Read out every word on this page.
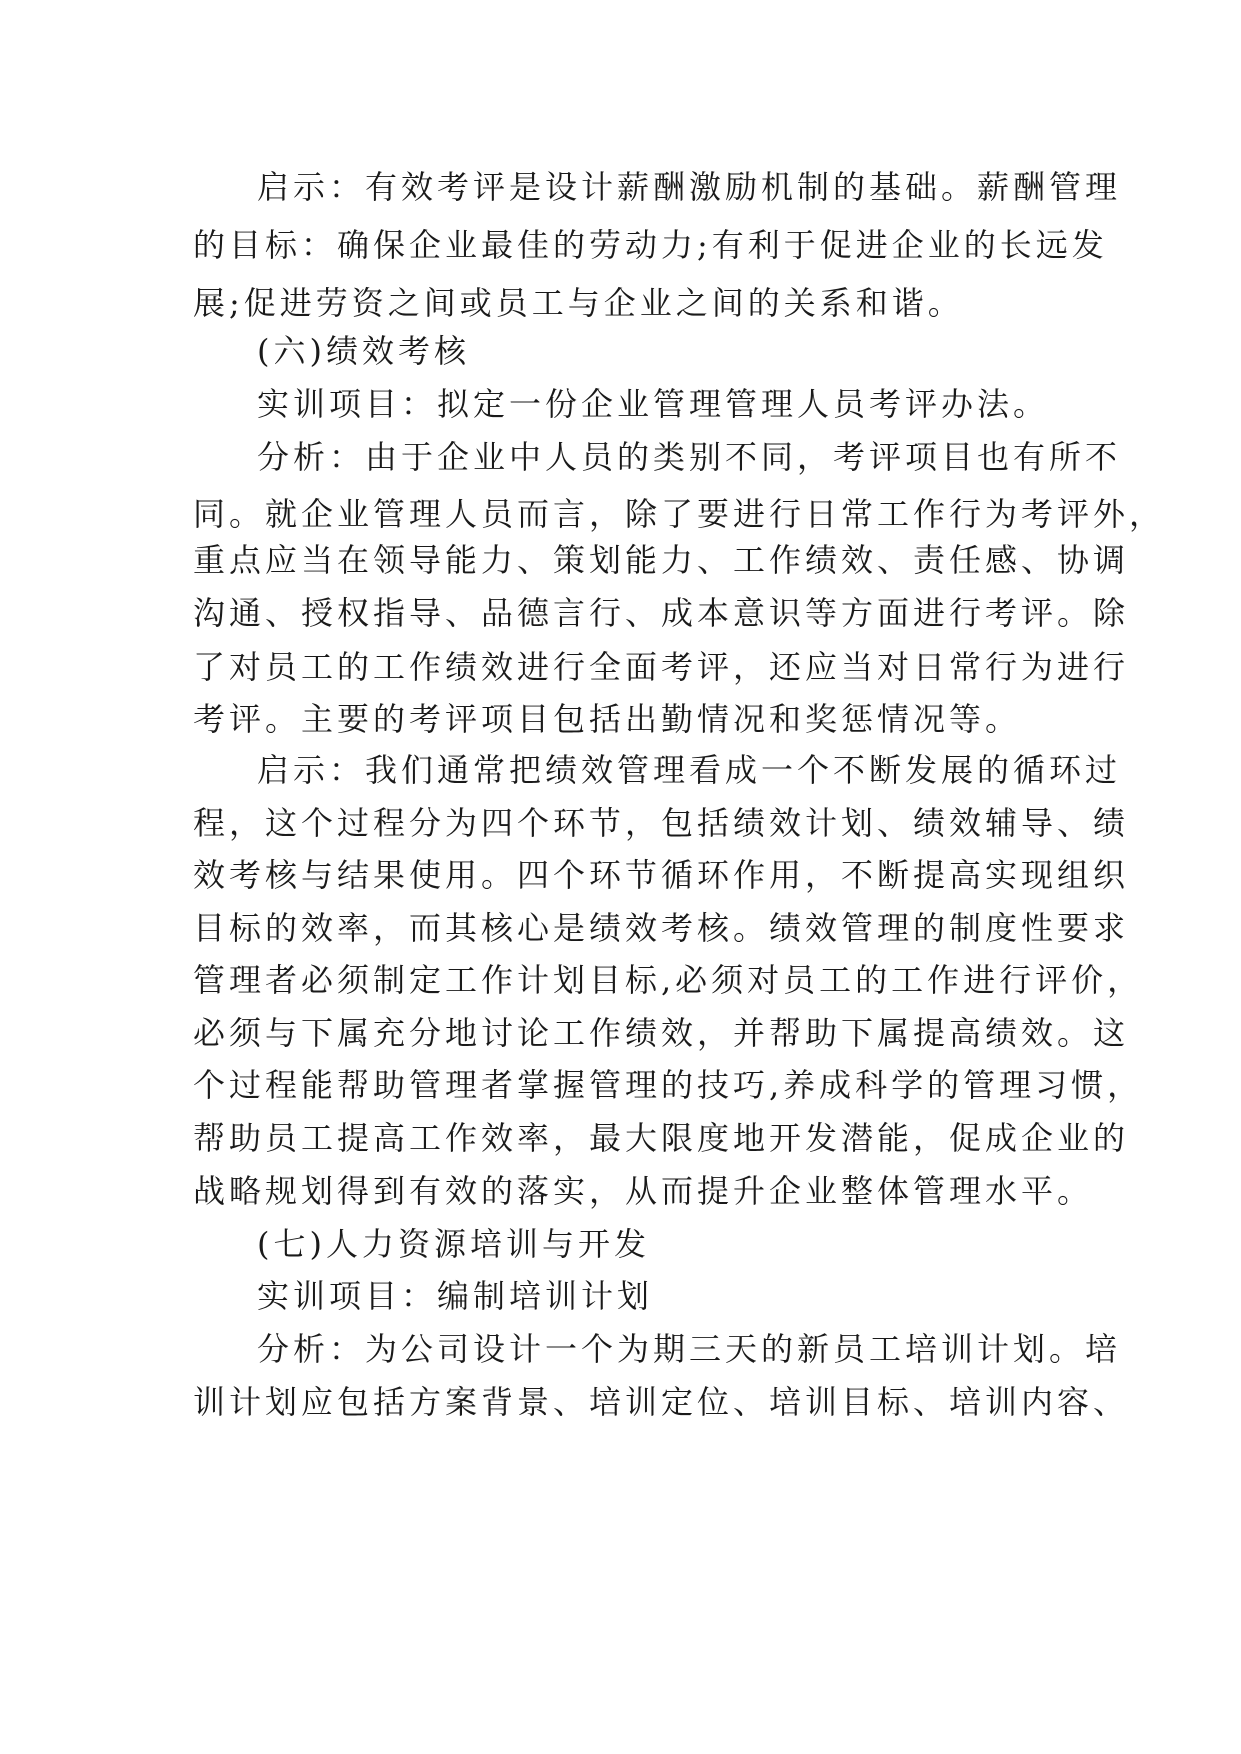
启示：有效考评是设计薪酬激励机制的基础。薪酬管理
的目标：确保企业最佳的劳动力;有利于促进企业的长远发
展;促进劳资之间或员工与企业之间的关系和谐。
(六)绩效考核
实训项目：拟定一份企业管理管理人员考评办法。
分析：由于企业中人员的类别不同，考评项目也有所不
同。就企业管理人员而言，除了要进行日常工作行为考评外，
重点应当在领导能力、策划能力、工作绩效、责任感、协调
沟通、授权指导、品德言行、成本意识等方面进行考评。除
了对员工的工作绩效进行全面考评，还应当对日常行为进行
考评。主要的考评项目包括出勤情况和奖惩情况等。
启示：我们通常把绩效管理看成一个不断发展的循环过
程，这个过程分为四个环节，包括绩效计划、绩效辅导、绩
效考核与结果使用。四个环节循环作用，不断提高实现组织
目标的效率，而其核心是绩效考核。绩效管理的制度性要求
管理者必须制定工作计划目标,必须对员工的工作进行评价，
必须与下属充分地讨论工作绩效，并帮助下属提高绩效。这
个过程能帮助管理者掌握管理的技巧,养成科学的管理习惯，
帮助员工提高工作效率，最大限度地开发潜能，促成企业的
战略规划得到有效的落实，从而提升企业整体管理水平。
(七)人力资源培训与开发
实训项目：编制培训计划
分析：为公司设计一个为期三天的新员工培训计划。培
训计划应包括方案背景、培训定位、培训目标、培训内容、
